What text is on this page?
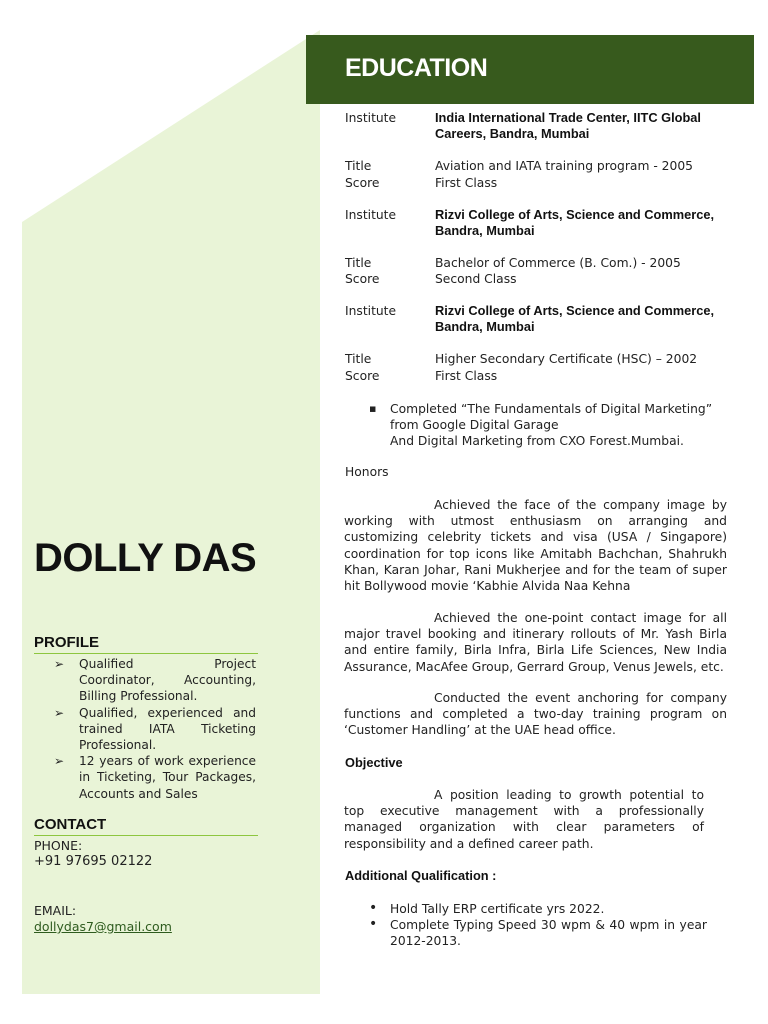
DOLLY DAS
PROFILE
➢ Qualified Project Coordinator, Accounting, Billing Professional.
➢ Qualified, experienced and trained IATA Ticketing Professional.
➢ 12 years of work experience in Ticketing, Tour Packages, Accounts and Sales
CONTACT
PHONE:
+91 97695 02122
EMAIL:
dollydas7@gmail.com
EDUCATION
Institute	India International Trade Center, IITC Global Careers, Bandra, Mumbai
Title	Aviation and IATA training program - 2005
Score	First Class
Institute	Rizvi College of Arts, Science and Commerce, Bandra, Mumbai
Title	Bachelor of Commerce (B. Com.) - 2005
Score	Second Class
Institute	Rizvi College of Arts, Science and Commerce, Bandra, Mumbai
Title	Higher Secondary Certificate (HSC) – 2002
Score	First Class
▪ Completed “The Fundamentals of Digital Marketing” from Google Digital Garage
And Digital Marketing from CXO Forest.Mumbai.
Honors
Achieved the face of the company image by working with utmost enthusiasm on arranging and customizing celebrity tickets and visa (USA / Singapore) coordination for top icons like Amitabh Bachchan, Shahrukh Khan, Karan Johar, Rani Mukherjee and for the team of super hit Bollywood movie ‘Kabhie Alvida Naa Kehna
Achieved the one-point contact image for all major travel booking and itinerary rollouts of Mr. Yash Birla and entire family, Birla Infra, Birla Life Sciences, New India Assurance, MacAfee Group, Gerrard Group, Venus Jewels, etc.
Conducted the event anchoring for company functions and completed a two-day training program on ‘Customer Handling’ at the UAE head office.
Objective
A position leading to growth potential to top executive management with a professionally managed organization with clear parameters of responsibility and a defined career path.
Additional Qualification :
• Hold Tally ERP certificate yrs 2022.
• Complete Typing Speed 30 wpm & 40 wpm in year 2012-2013.
